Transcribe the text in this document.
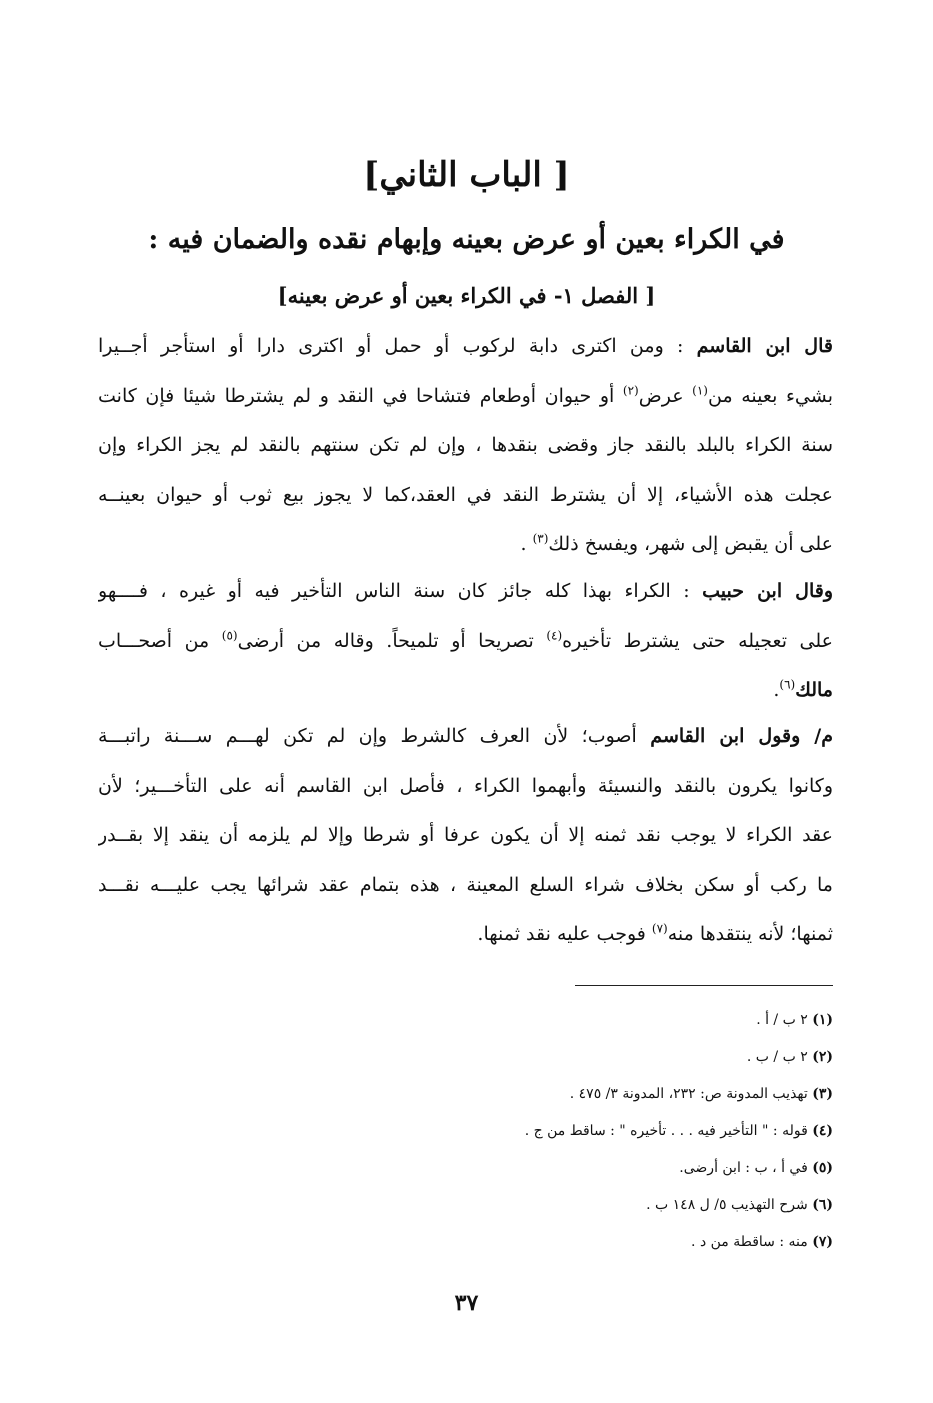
[ الباب الثاني]
في الكراء بعين أو عرض بعينه وإبهام نقده والضمان فيه :
[ الفصل ١- في الكراء بعين أو عرض بعينه]
قال ابن القاسم : ومن اكترى دابة لركوب أو حمل أو اكترى دارا أو استأجر أجــيرا
بشيء بعينه من$^{(١)}$ عرض$^{(٢)}$ أو حيوان أوطعام فتشاحا في النقد و لم يشترطا شيئا فإن كانت
سنة الكراء بالبلد بالنقد جاز وقضى بنقدها ، وإن لم تكن سنتهم بالنقد لم يجز الكراء وإن
عجلت هذه الأشياء، إلا أن يشترط النقد في العقد،كما لا يجوز بيع ثوب أو حيوان بعينــه
على أن يقبض إلى شهر، ويفسخ ذلك$^{(٣)}$ .
وقال ابن حبيب : الكراء بهذا كله جائز كان سنة الناس التأخير فيه أو غيره ، فــــهو
على تعجيله حتى يشترط تأخيره$^{(٤)}$ تصريحا أو تلميحاً. وقاله من أرضى$^{(٥)}$ من أصحـــاب
مالك$^{(٦)}$.
م/ وقول ابن القاسم أصوب؛ لأن العرف كالشرط وإن لم تكن لهـــم ســـنة راتبـــة
وكانوا يكرون بالنقد والنسيئة وأبهموا الكراء ، فأصل ابن القاسم أنه على التأخـــير؛ لأن
عقد الكراء لا يوجب نقد ثمنه إلا أن يكون عرفا أو شرطا وإلا لم يلزمه أن ينقد إلا بقــدر
ما ركب أو سكن بخلاف شراء السلع المعينة ، هذه بتمام عقد شرائها يجب عليـــه نقـــد
ثمنها؛ لأنه ينتقدها منه$^{(٧)}$ فوجب عليه نقد ثمنها.
(١) ٢ ب / أ .
(٢) ٢ ب / ب .
(٣) تهذيب المدونة ص: ٢٣٢، المدونة ٣/ ٤٧٥ .
(٤) قوله : " التأخير فيه . . . تأخيره " : ساقط من ج .
(٥) في أ ، ب : ابن أرضى.
(٦) شرح التهذيب ٥/ ل ١٤٨ ب .
(٧) منه : ساقطة من د .
٣٧
